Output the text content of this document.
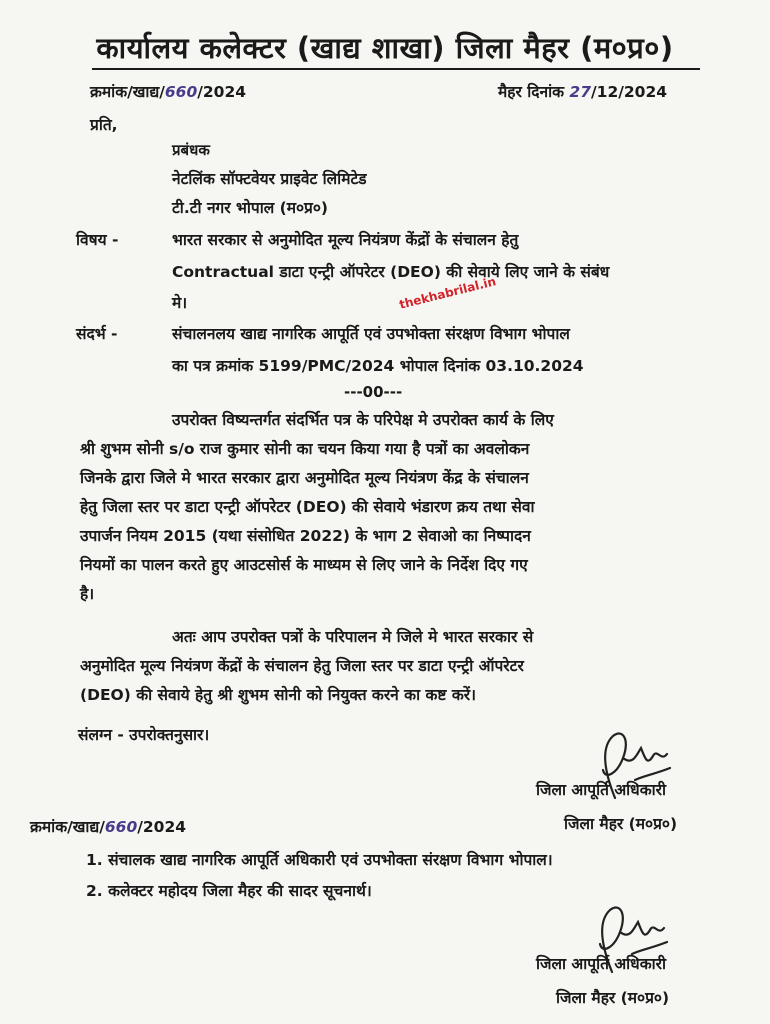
कार्यालय कलेक्टर (खाद्य शाखा) जिला मैहर (म०प्र०)
क्रमांक/खाद्य/660/2024	मैहर दिनांक 27/12/2024
प्रति,
प्रबंधक
नेटलिंक सॉफ्टवेयर प्राइवेट लिमिटेड
टी.टी नगर भोपाल (म०प्र०)
विषय -	भारत सरकार से अनुमोदित मूल्य नियंत्रण केंद्रों के संचालन हेतु
Contractual डाटा एन्ट्री ऑपरेटर (DEO) की सेवाये लिए जाने के संबंध
मे।	thekhabrilal.in
संदर्भ -	संचालनलय खाद्य नागरिक आपूर्ति एवं उपभोक्ता संरक्षण विभाग भोपाल
का पत्र क्रमांक 5199/PMC/2024 भोपाल दिनांक 03.10.2024
---00---
उपरोक्त विष्यन्तर्गत संदर्भित पत्र के परिपेक्ष मे उपरोक्त कार्य के लिए
श्री शुभम सोनी s/o राज कुमार सोनी का चयन किया गया है पत्रों का अवलोकन
जिनके द्वारा जिले मे भारत सरकार द्वारा अनुमोदित मूल्य नियंत्रण केंद्र के संचालन
हेतु जिला स्तर पर डाटा एन्ट्री ऑपरेटर (DEO) की सेवाये भंडारण क्रय तथा सेवा
उपार्जन नियम 2015 (यथा संसोधित 2022) के भाग 2 सेवाओ का निष्पादन
नियमों का पालन करते हुए आउटसोर्स के माध्यम से लिए जाने के निर्देश दिए गए
है।
अतः आप उपरोक्त पत्रों के परिपालन मे जिले मे भारत सरकार से
अनुमोदित मूल्य नियंत्रण केंद्रों के संचालन हेतु जिला स्तर पर डाटा एन्ट्री ऑपरेटर
(DEO) की सेवाये हेतु श्री शुभम सोनी को नियुक्त करने का कष्ट करें।
संलग्न - उपरोक्तनुसार।
जिला आपूर्ति अधिकारी
जिला मैहर (म०प्र०)
क्रमांक/खाद्य/660/2024
1. संचालक खाद्य नागरिक आपूर्ति अधिकारी एवं उपभोक्ता संरक्षण विभाग भोपाल।
2. कलेक्टर महोदय जिला मैहर की सादर सूचनार्थ।
जिला आपूर्ति अधिकारी
जिला मैहर (म०प्र०)
